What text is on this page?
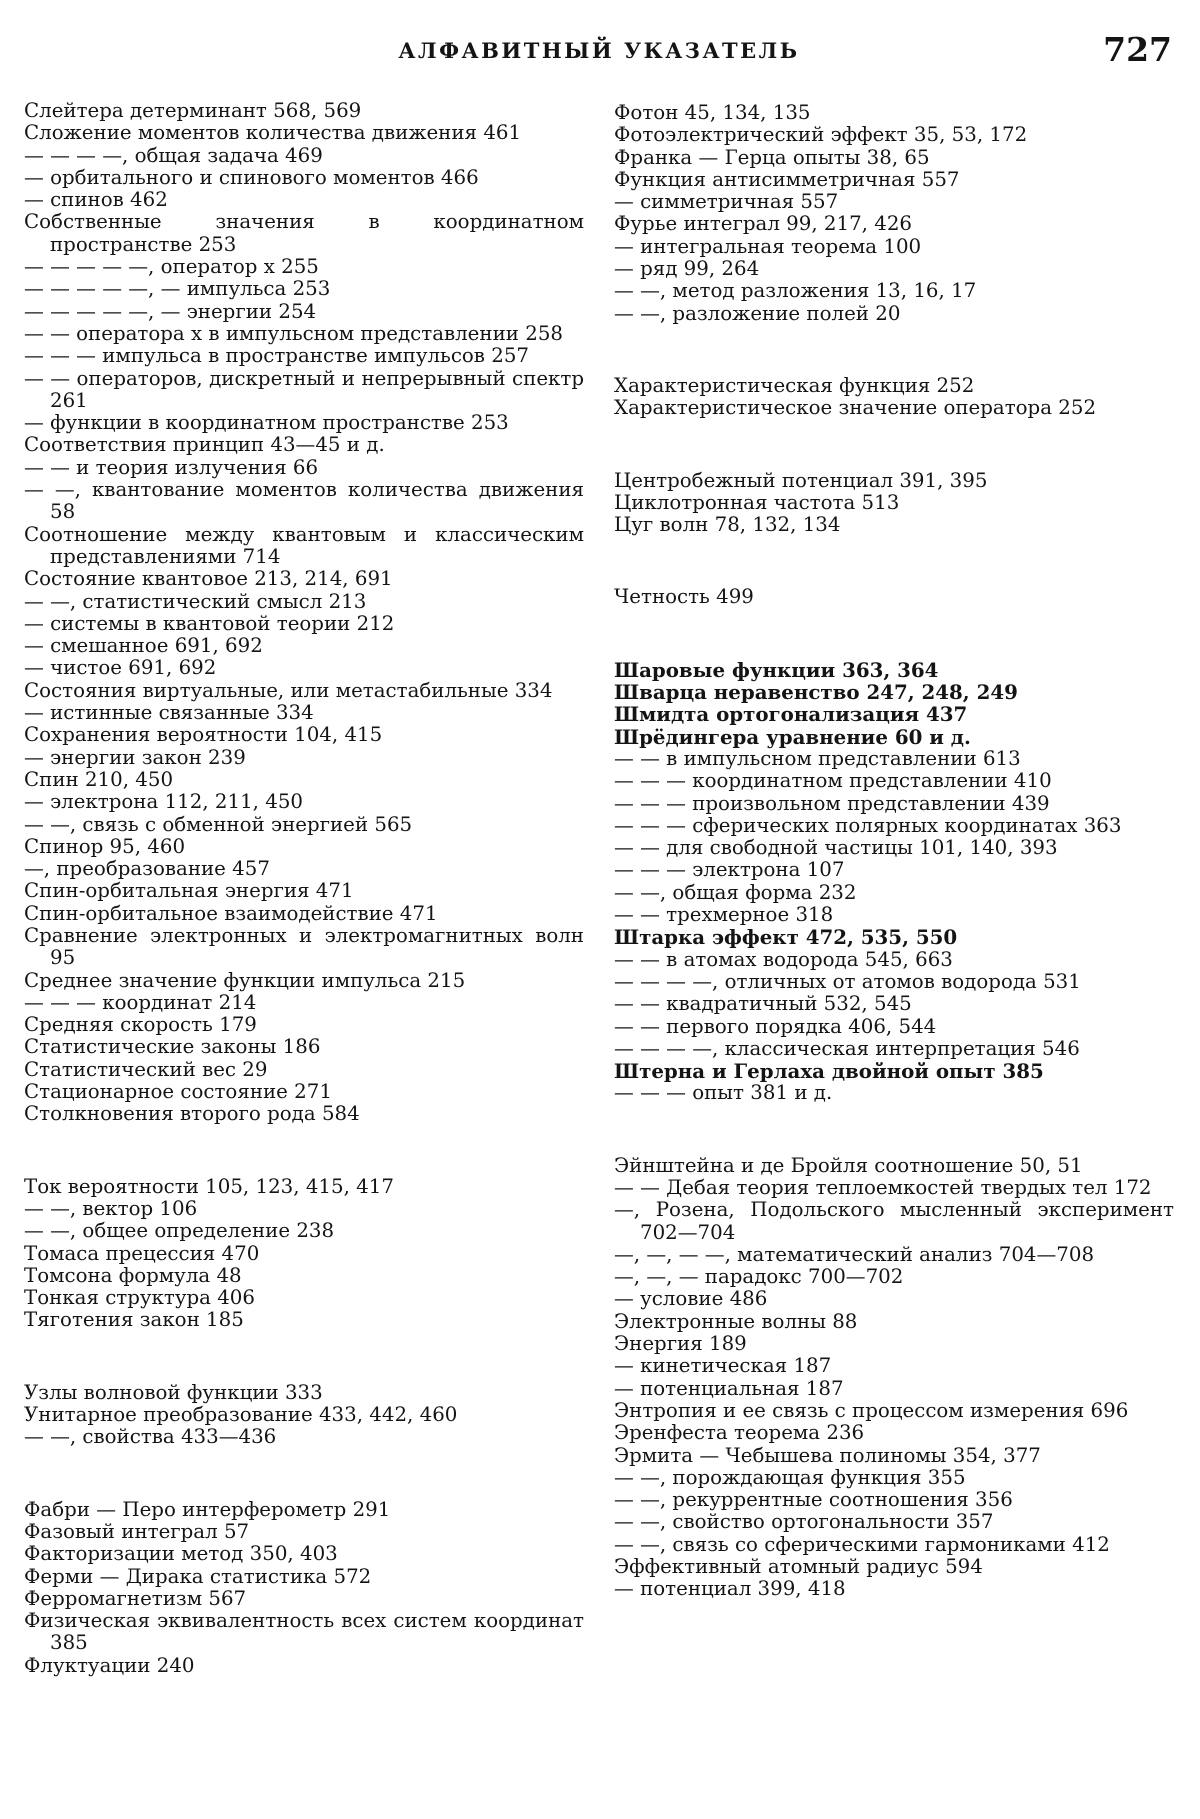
АЛФАВИТНЫЙ УКАЗАТЕЛЬ	727

Слейтера детерминант 568, 569

Сложение моментов количества движения 461

— — — —, общая задача 469

— орбитального и спинового моментов 466

— спинов 462

Собственные значения в координатном пространстве 253

— — — — —, оператор x 255

— — — — —, — импульса 253

— — — — —, — энергии 254

— — оператора x в импульсном представлении 258

— — — импульса в пространстве импульсов 257

— — операторов, дискретный и непрерывный спектр 261

— функции в координатном пространстве 253

Соответствия принцип 43—45 и д.

— — и теория излучения 66

— —, квантование моментов количества движения 58

Соотношение между квантовым и классическим представлениями 714

Состояние квантовое 213, 214, 691

— —, статистический смысл 213

— системы в квантовой теории 212

— смешанное 691, 692

— чистое 691, 692

Состояния виртуальные, или метастабильные 334

— истинные связанные 334

Сохранения вероятности 104, 415

— энергии закон 239

Спин 210, 450

— электрона 112, 211, 450

— —, связь с обменной энергией 565

Спинор 95, 460

—, преобразование 457

Спин-орбитальная энергия 471

Спин-орбитальное взаимодействие 471

Сравнение электронных и электромагнитных волн 95

Среднее значение функции импульса 215

— — — координат 214

Средняя скорость 179

Статистические законы 186

Статистический вес 29

Стационарное состояние 271

Столкновения второго рода 584

Ток вероятности 105, 123, 415, 417

— —, вектор 106

— —, общее определение 238

Томаса прецессия 470

Томсона формула 48

Тонкая структура 406

Тяготения закон 185

Узлы волновой функции 333

Унитарное преобразование 433, 442, 460

— —, свойства 433—436

Фабри — Перо интерферометр 291

Фазовый интеграл 57

Факторизации метод 350, 403

Ферми — Дирака статистика 572

Ферромагнетизм 567

Физическая эквивалентность всех систем координат 385

Флуктуации 240

Фотон 45, 134, 135

Фотоэлектрический эффект 35, 53, 172

Франка — Герца опыты 38, 65

Функция антисимметричная 557

— симметричная 557

Фурье интеграл 99, 217, 426

— интегральная теорема 100

— ряд 99, 264

— —, метод разложения 13, 16, 17

— —, разложение полей 20

Характеристическая функция 252

Характеристическое значение оператора 252

Центробежный потенциал 391, 395

Циклотронная частота 513

Цуг волн 78, 132, 134

Четность 499

Шаровые функции 363, 364

Шварца неравенство 247, 248, 249

Шмидта ортогонализация 437

Шрёдингера уравнение 60 и д.

— — в импульсном представлении 613

— — — координатном представлении 410

— — — произвольном представлении 439

— — — сферических полярных координатах 363

— — для свободной частицы 101, 140, 393

— — — электрона 107

— —, общая форма 232

— — трехмерное 318

Штарка эффект 472, 535, 550

— — в атомах водорода 545, 663

— — — —, отличных от атомов водорода 531

— — квадратичный 532, 545

— — первого порядка 406, 544

— — — —, классическая интерпретация 546

Штерна и Герлаха двойной опыт 385

— — — опыт 381 и д.

Эйнштейна и де Бройля соотношение 50, 51

— — Дебая теория теплоемкостей твердых тел 172

—, Розена, Подольского мысленный эксперимент 702—704

—, —, — —, математический анализ 704—708

—, —, — парадокс 700—702

— условие 486

Электронные волны 88

Энергия 189

— кинетическая 187

— потенциальная 187

Энтропия и ее связь с процессом измерения 696

Эренфеста теорема 236

Эрмита — Чебышева полиномы 354, 377

— —, порождающая функция 355

— —, рекуррентные соотношения 356

— —, свойство ортогональности 357

— —, связь со сферическими гармониками 412

Эффективный атомный радиус 594

— потенциал 399, 418
